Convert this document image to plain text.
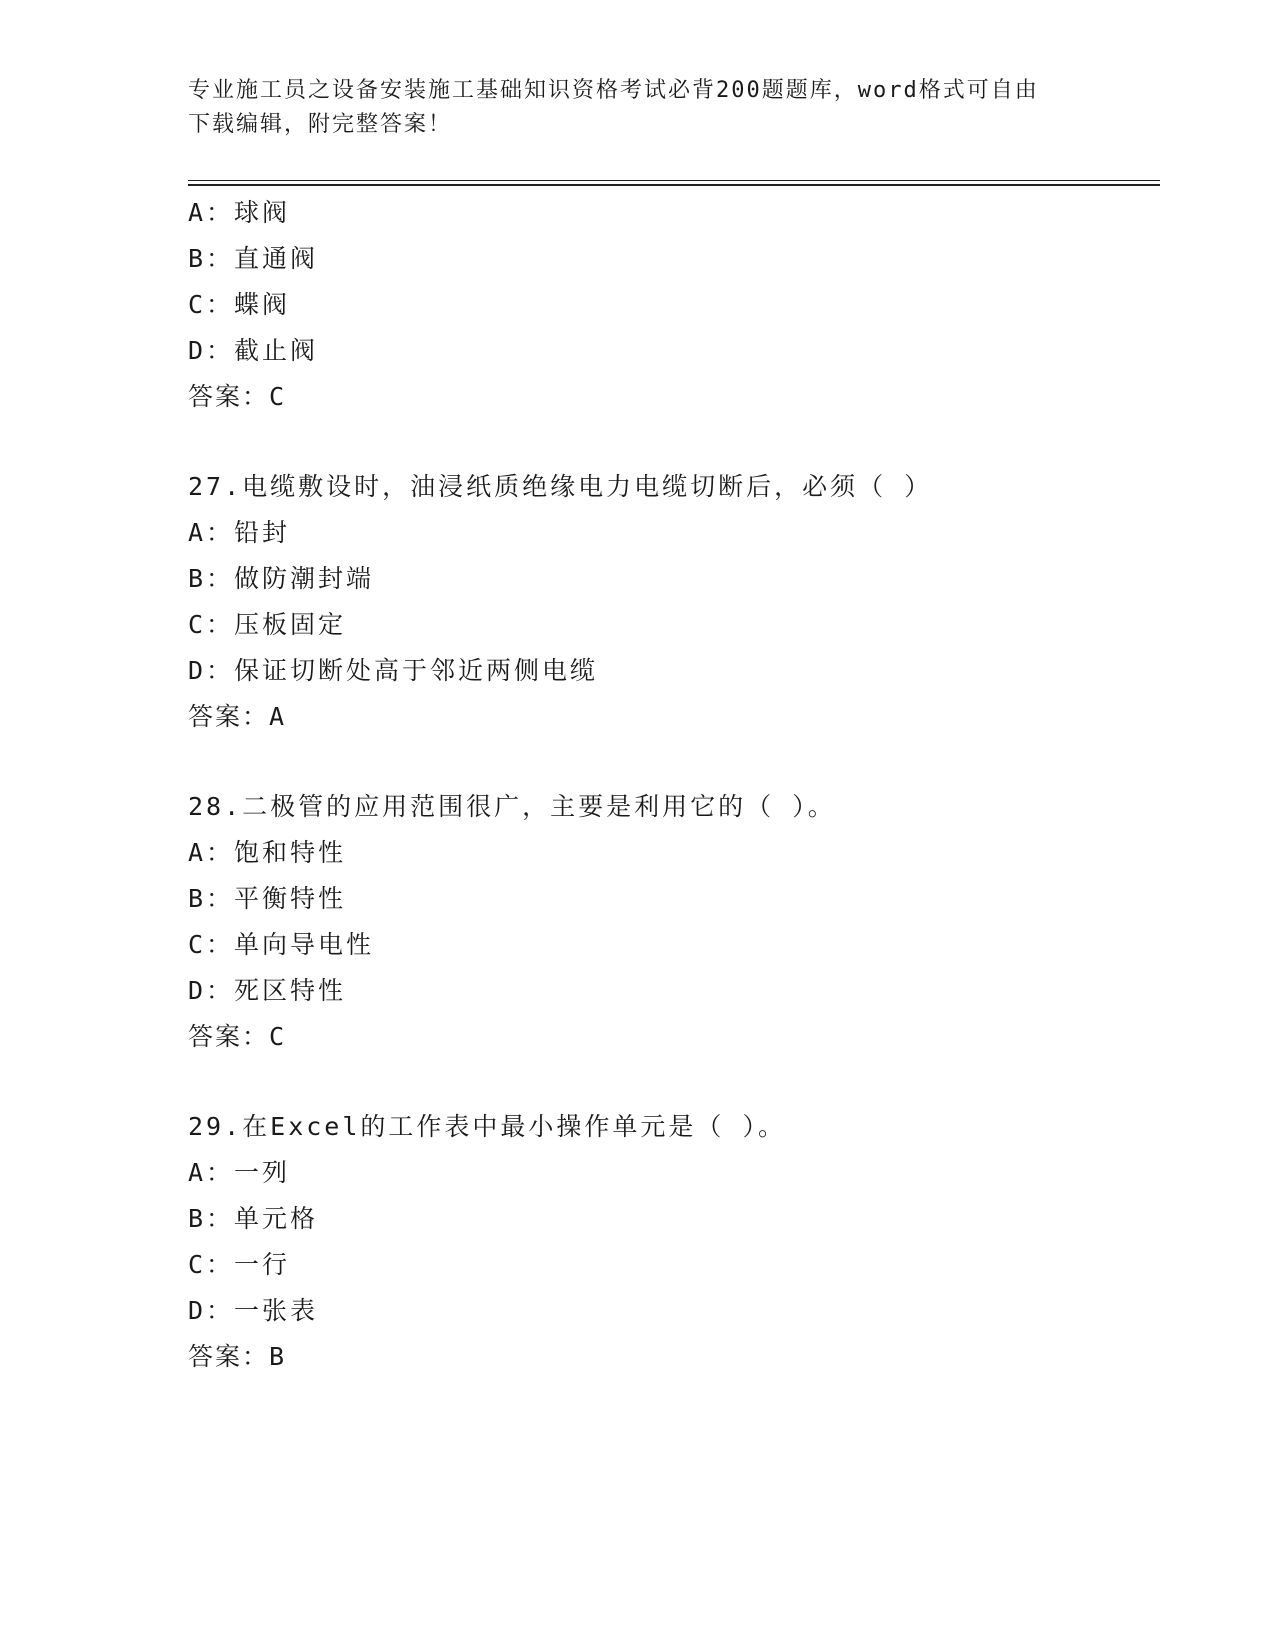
专业施工员之设备安装施工基础知识资格考试必背200题题库，word格式可自由
下载编辑，附完整答案！
A：球阀
B：直通阀
C：蝶阀
D：截止阀
答案：C
27.电缆敷设时，油浸纸质绝缘电力电缆切断后，必须（ ）
A：铅封
B：做防潮封端
C：压板固定
D：保证切断处高于邻近两侧电缆
答案：A
28.二极管的应用范围很广，主要是利用它的（ ）。
A：饱和特性
B：平衡特性
C：单向导电性
D：死区特性
答案：C
29.在Excel的工作表中最小操作单元是（ ）。
A：一列
B：单元格
C：一行
D：一张表
答案：B
